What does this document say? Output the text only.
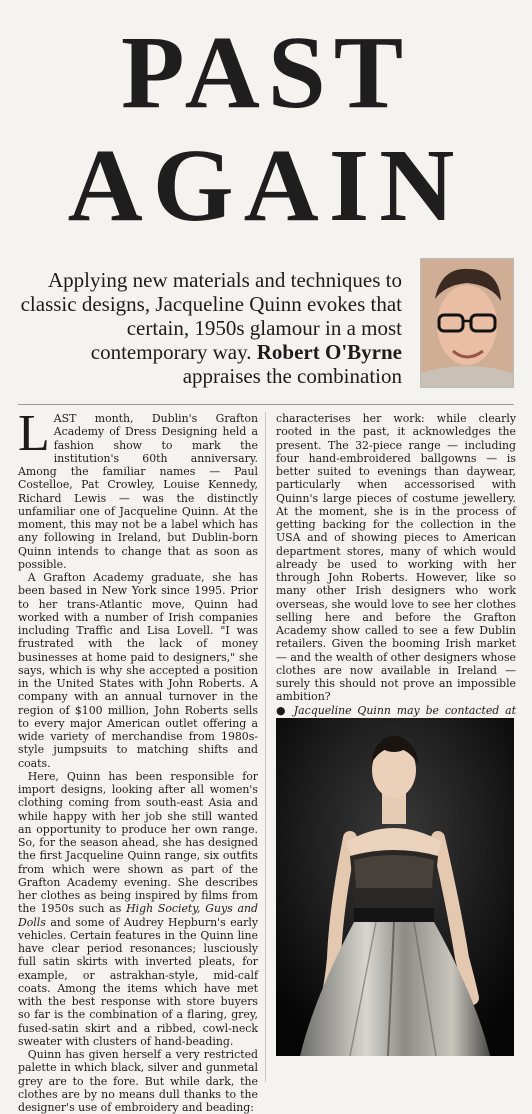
PAST
AGAIN
Applying new materials and techniques to classic designs, Jacqueline Quinn evokes that certain, 1950s glamour in a most contemporary way. Robert O'Byrne appraises the combination

LAST month, Dublin's Grafton Academy of Dress Designing held a fashion show to mark the institution's 60th anniversary. Among the familiar names — Paul Costelloe, Pat Crowley, Louise Kennedy, Richard Lewis — was the distinctly unfamiliar one of Jacqueline Quinn. At the moment, this may not be a label which has any following in Ireland, but Dublin-born Quinn intends to change that as soon as possible.

A Grafton Academy graduate, she has been based in New York since 1995. Prior to her trans-Atlantic move, Quinn had worked with a number of Irish companies including Traffic and Lisa Lovell. "I was frustrated with the lack of money businesses at home paid to designers," she says, which is why she accepted a position in the United States with John Roberts. A company with an annual turnover in the region of $100 million, John Roberts sells to every major American outlet offering a wide variety of merchandise from 1980s-style jumpsuits to matching shifts and coats.

Here, Quinn has been responsible for import designs, looking after all women's clothing coming from south-east Asia and while happy with her job she still wanted an opportunity to produce her own range. So, for the season ahead, she has designed the first Jacqueline Quinn range, six outfits from which were shown as part of the Grafton Academy evening. She describes her clothes as being inspired by films from the 1950s such as High Society, Guys and Dolls and some of Audrey Hepburn's early vehicles. Certain features in the Quinn line have clear period resonances; lusciously full satin skirts with inverted pleats, for example, or astrakhan-style, mid-calf coats. Among the items which have met with the best response with store buyers so far is the combination of a flaring, grey, fused-satin skirt and a ribbed, cowl-neck sweater with clusters of hand-beading.

Quinn has given herself a very restricted palette in which black, silver and gunmetal grey are to the fore. But while dark, the clothes are by no means dull thanks to the designer's use of embroidery and beading:

characterises her work: while clearly rooted in the past, it acknowledges the present. The 32-piece range — including four hand-embroidered ballgowns — is better suited to evenings than daywear, particularly when accessorised with Quinn's large pieces of costume jewellery. At the moment, she is in the process of getting backing for the collection in the USA and of showing pieces to American department stores, many of which would already be used to working with her through John Roberts. However, like so many other Irish designers who work overseas, she would love to see her clothes selling here and before the Grafton Academy show called to see a few Dublin retailers. Given the booming Irish market — and the wealth of other designers whose clothes are now available in Ireland — surely this should not prove an impossible ambition?

● Jacqueline Quinn may be contacted at
